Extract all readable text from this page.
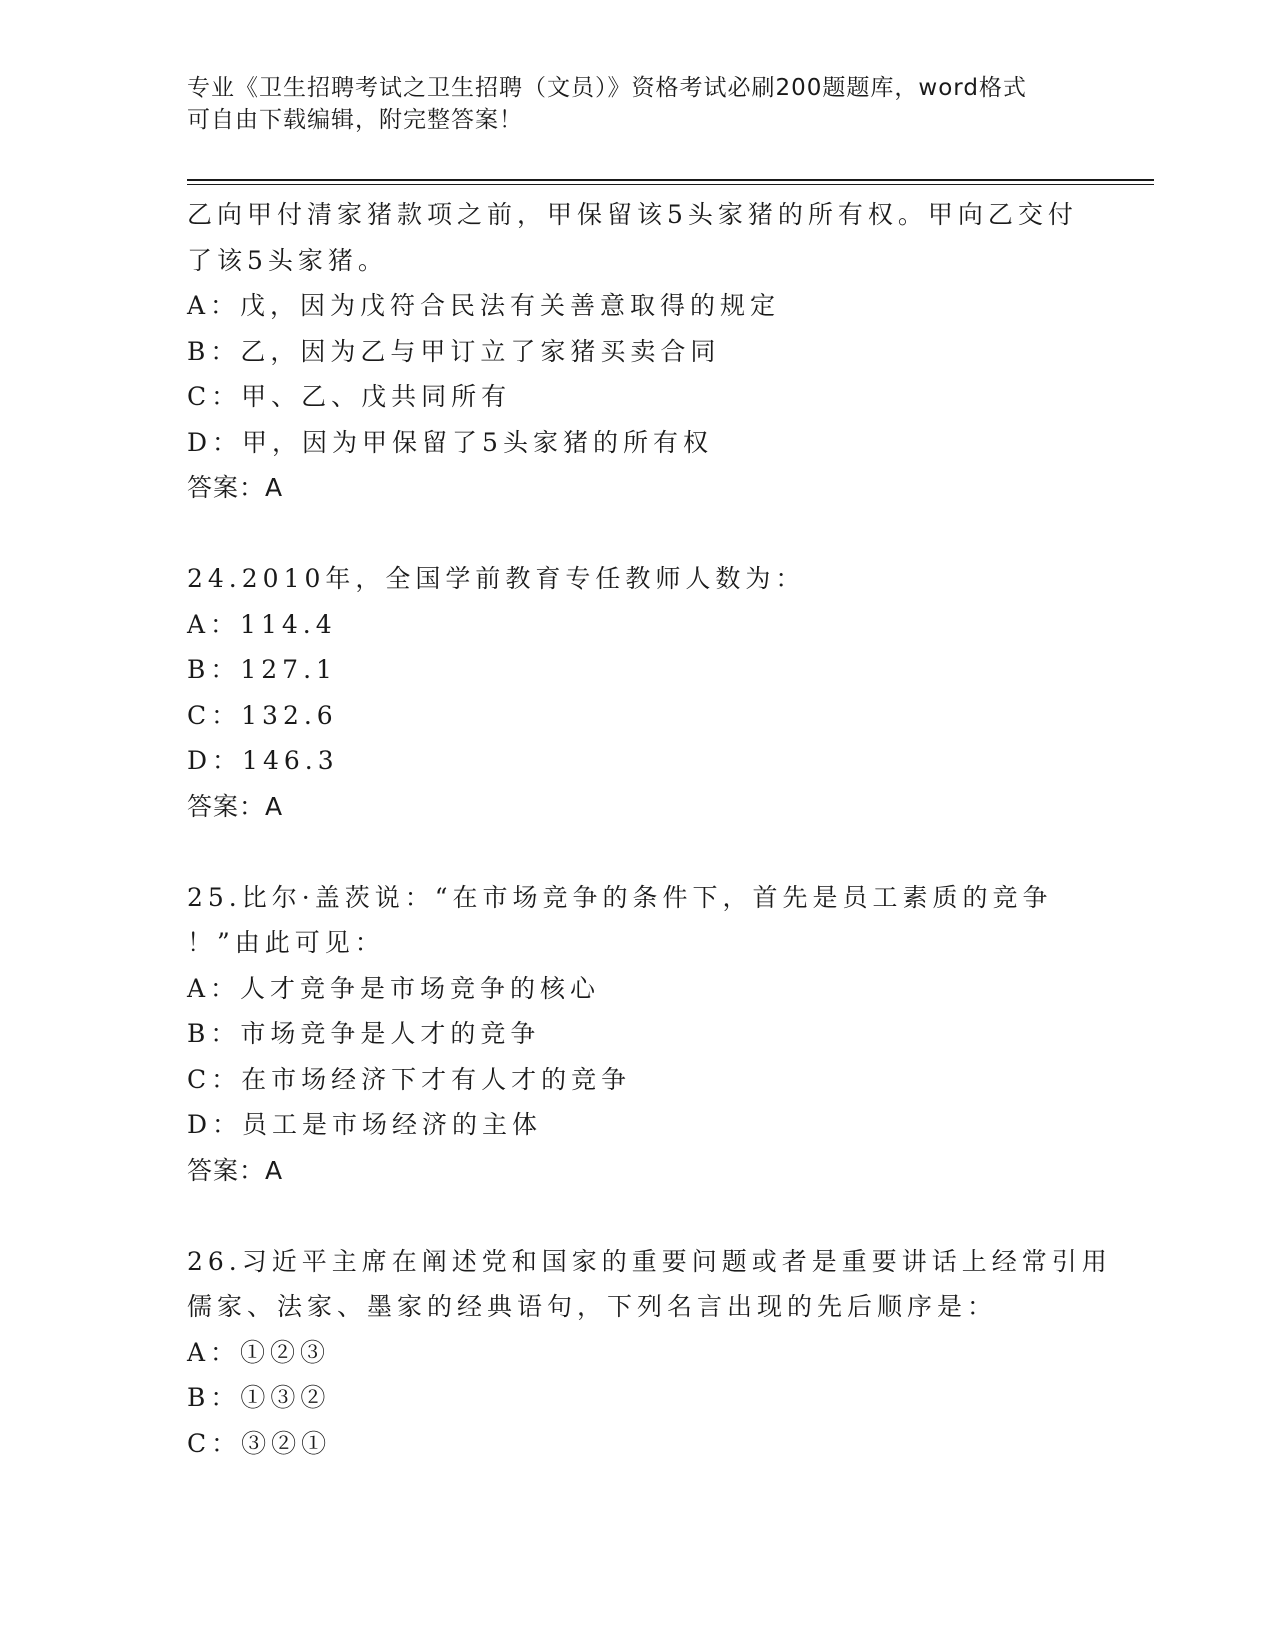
专业《卫生招聘考试之卫生招聘（文员）》资格考试必刷200题题库，word格式
可自由下载编辑，附完整答案！
乙向甲付清家猪款项之前，甲保留该5头家猪的所有权。甲向乙交付
了该5头家猪。
A：戊，因为戊符合民法有关善意取得的规定
B：乙，因为乙与甲订立了家猪买卖合同
C：甲、乙、戊共同所有
D：甲，因为甲保留了5头家猪的所有权
答案：A
24.2010年，全国学前教育专任教师人数为：
A：114.4
B：127.1
C：132.6
D：146.3
答案：A
25.比尔·盖茨说：“在市场竞争的条件下，首先是员工素质的竞争
！”由此可见：
A：人才竞争是市场竞争的核心
B：市场竞争是人才的竞争
C：在市场经济下才有人才的竞争
D：员工是市场经济的主体
答案：A
26.习近平主席在阐述党和国家的重要问题或者是重要讲话上经常引用
儒家、法家、墨家的经典语句，下列名言出现的先后顺序是：
A：①②③
B：①③②
C：③②①
